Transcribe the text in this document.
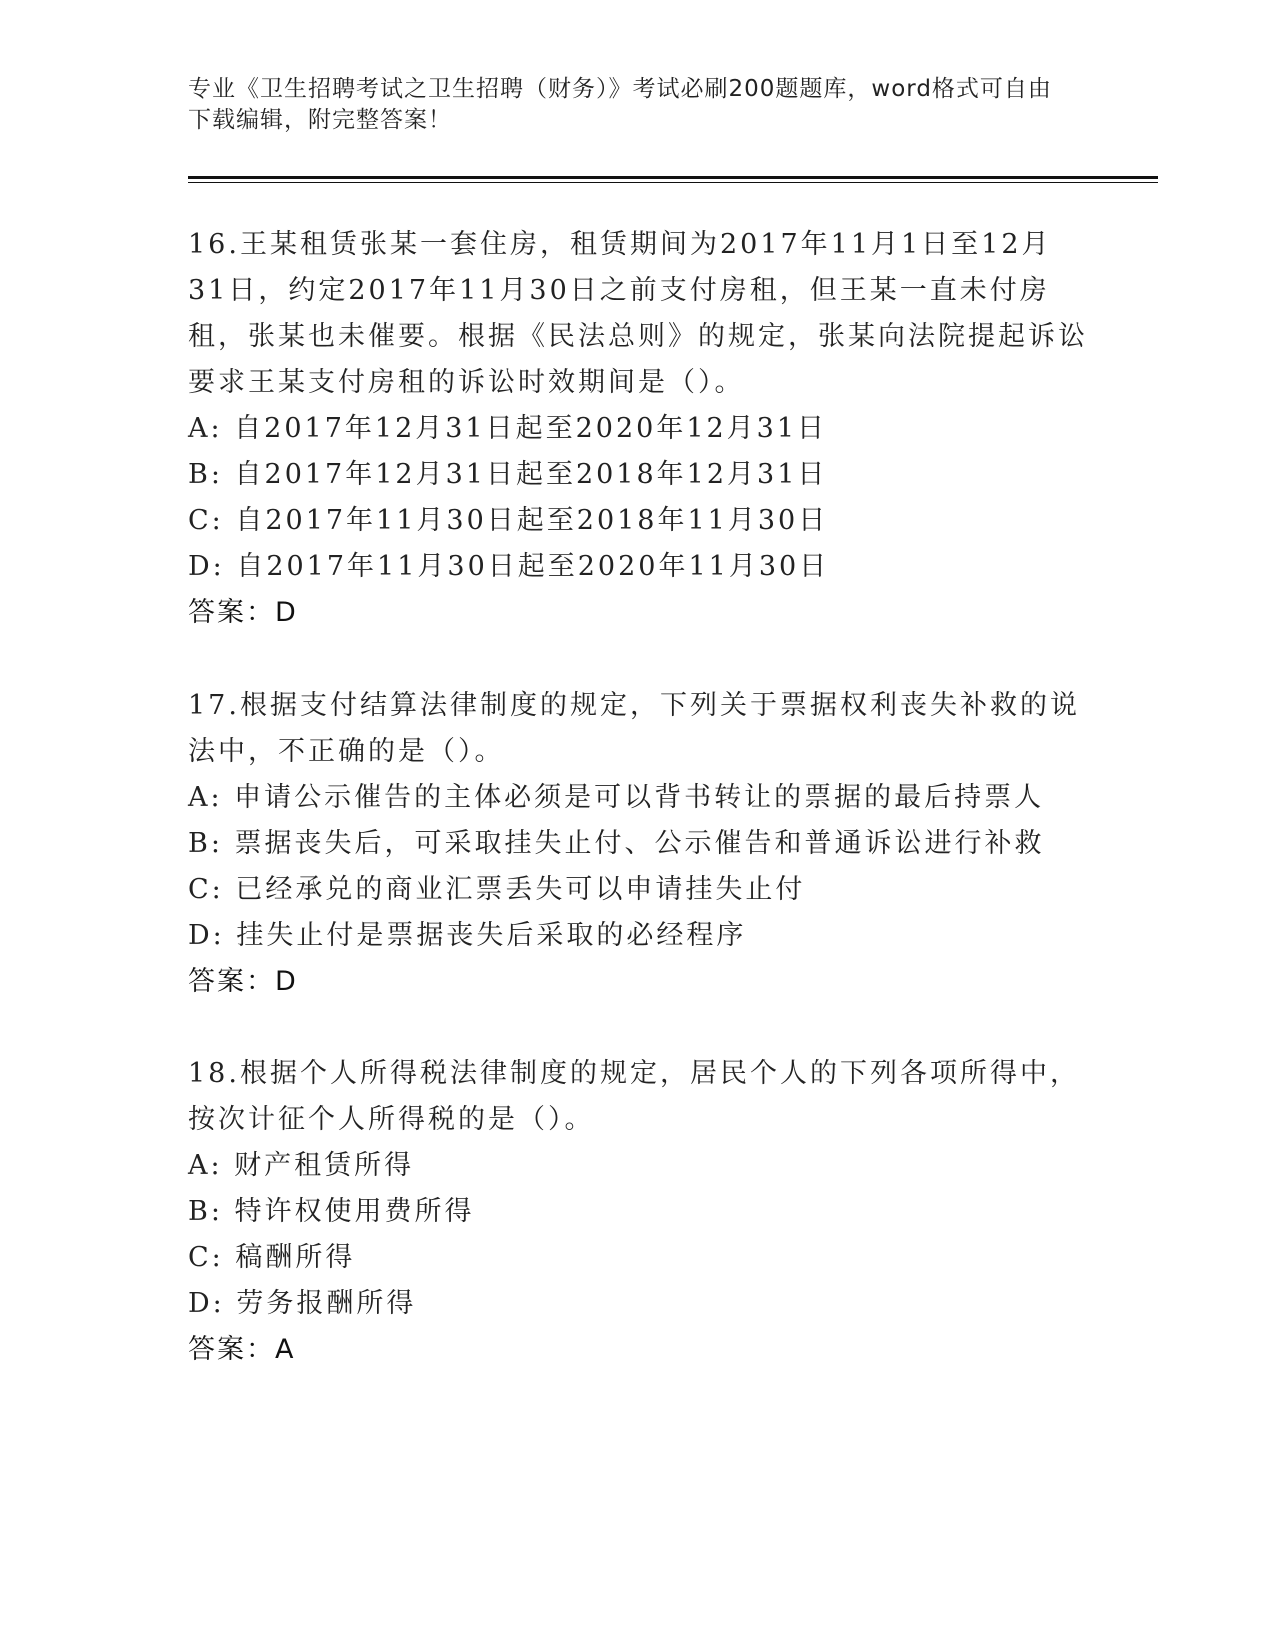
专业《卫生招聘考试之卫生招聘（财务）》考试必刷200题题库，word格式可自由下载编辑，附完整答案！

16.王某租赁张某一套住房，租赁期间为2017年11月1日至12月31日，约定2017年11月30日之前支付房租，但王某一直未付房租，张某也未催要。根据《民法总则》的规定，张某向法院提起诉讼要求王某支付房租的诉讼时效期间是（）。

A: 自2017年12月31日起至2020年12月31日

B: 自2017年12月31日起至2018年12月31日

C: 自2017年11月30日起至2018年11月30日

D: 自2017年11月30日起至2020年11月30日

答案：D

17.根据支付结算法律制度的规定，下列关于票据权利丧失补救的说法中，不正确的是（）。

A: 申请公示催告的主体必须是可以背书转让的票据的最后持票人

B: 票据丧失后，可采取挂失止付、公示催告和普通诉讼进行补救

C: 已经承兑的商业汇票丢失可以申请挂失止付

D: 挂失止付是票据丧失后采取的必经程序

答案：D

18.根据个人所得税法律制度的规定，居民个人的下列各项所得中，按次计征个人所得税的是（）。

A: 财产租赁所得

B: 特许权使用费所得

C: 稿酬所得

D: 劳务报酬所得

答案：A
